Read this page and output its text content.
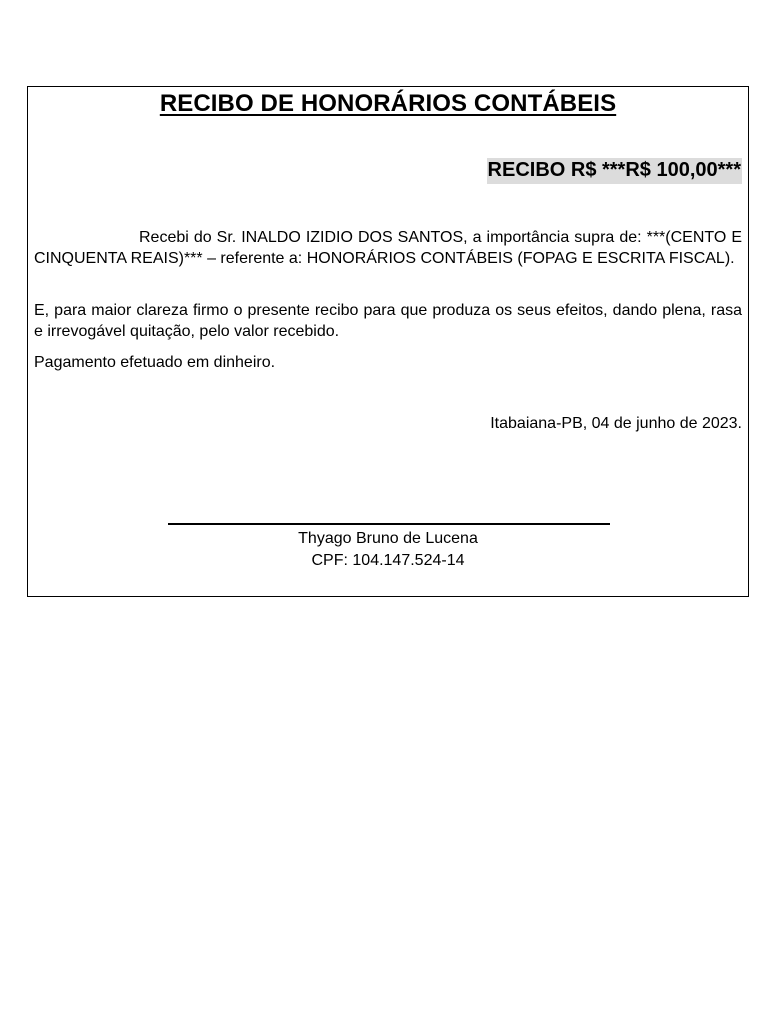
RECIBO DE HONORÁRIOS CONTÁBEIS
RECIBO R$ ***R$ 100,00***

Recebi do Sr. INALDO IZIDIO DOS SANTOS, a importância supra de: ***(CENTO E CINQUENTA REAIS)*** – referente a: HONORÁRIOS CONTÁBEIS (FOPAG E ESCRITA FISCAL).

E, para maior clareza firmo o presente recibo para que produza os seus efeitos, dando plena, rasa e irrevogável quitação, pelo valor recebido.

Pagamento efetuado em dinheiro.

Itabaiana-PB, 04 de junho de 2023.
Thyago Bruno de Lucena
CPF: 104.147.524-14
